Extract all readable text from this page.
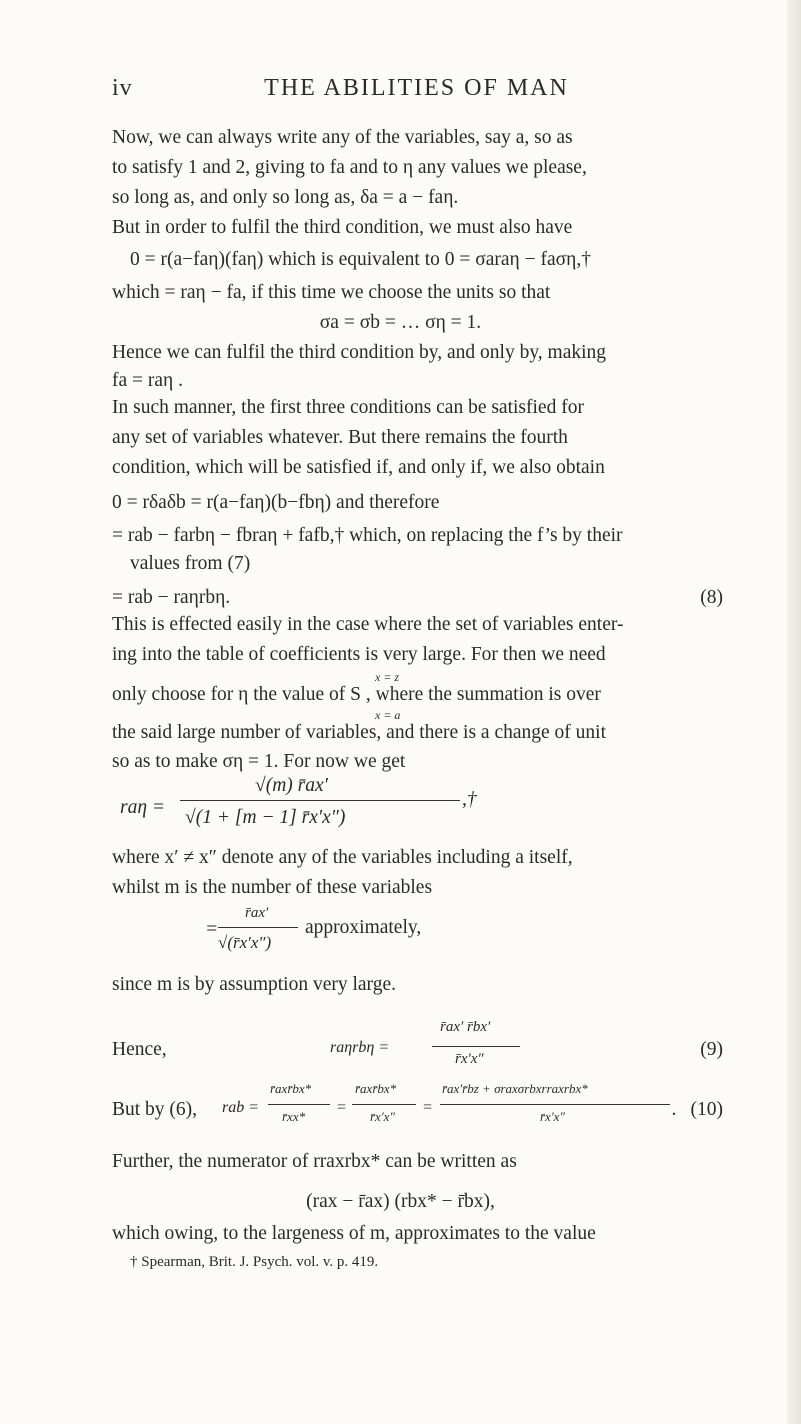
iv	THE ABILITIES OF MAN
Now, we can always write any of the variables, say a, so as
to satisfy 1 and 2, giving to fa and to η any values we please,
so long as, and only so long as, δa = a − faη.
But in order to fulfil the third condition, we must also have
0 = r(a−faη)(faη) which is equivalent to 0 = σarаη − faση,†
which = raη − fa, if this time we choose the units so that
σa = σb = … ση = 1.
Hence we can fulfil the third condition by, and only by, making
fa = raη .
In such manner, the first three conditions can be satisfied for
any set of variables whatever. But there remains the fourth
condition, which will be satisfied if, and only if, we also obtain
0 = rδaδb = r(a−faη)(b−fbη) and therefore
= rab − farbη − fbraη + fafb,† which, on replacing the f’s by their
values from (7)
= rab − raηrbη.	(8)
This is effected easily in the case where the set of variables enter-
ing into the table of coefficients is very large. For then we need
x = z
only choose for η the value of S , where the summation is over
x = a
the said large number of variables, and there is a change of unit
so as to make ση = 1. For now we get
raη =
√(m) r̄ax′
√(1 + [m − 1] r̄x′x″)
,†
where x′ ≠ x″ denote any of the variables including a itself,
whilst m is the number of these variables
=
r̄ax′
√(r̄x′x″)
approximately,
since m is by assumption very large.
Hence,	raηrbη =
r̄ax′ r̄bx′
r̄x′x″	(9)
But by (6), rab =
r̄axr̄bx*
r̄xx*
=
r̄axr̄bx*
r̄x′x″
=
r̄ax′r̄bz + σraxσrbxrraxrbx*
r̄x′x″	. (10)
Further, the numerator of rraxrbx* can be written as
(rax − r̄ax) (rbx* − r̄bx),
which owing, to the largeness of m, approximates to the value
† Spearman, Brit. J. Psych. vol. v. p. 419.
